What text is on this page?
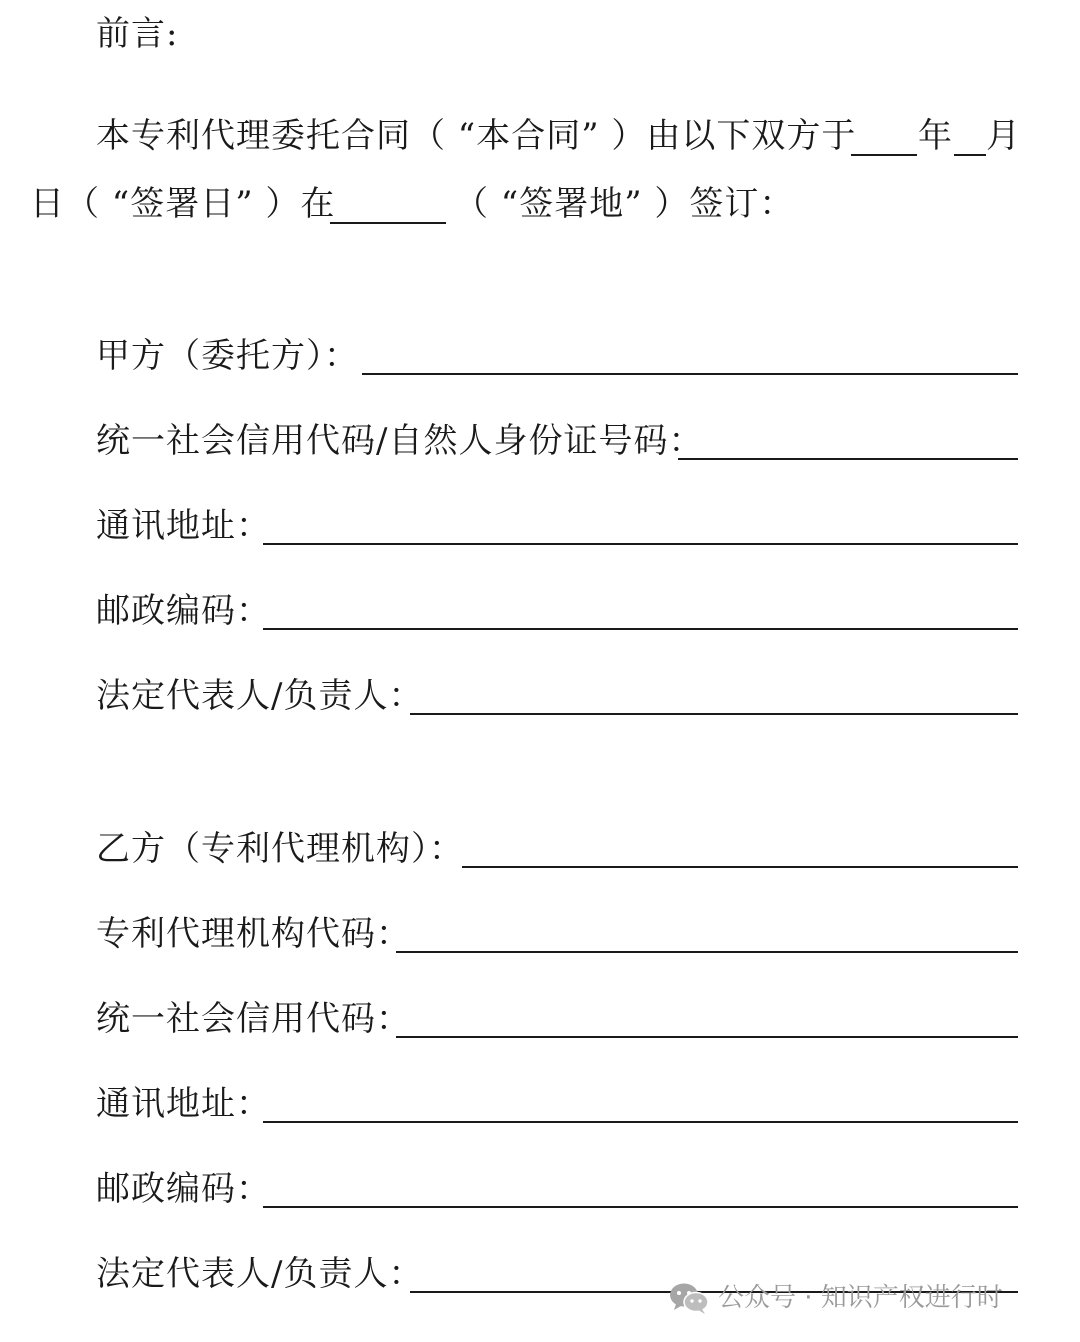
前言:
本专利代理委托合同（ “本合同” ）由以下双方于 年 月
日（ “签署日” ）在	（ “签署地” ）签订：
甲方（委托方）：
统一社会信用代码/自然人身份证号码：
通讯地址：
邮政编码：
法定代表人/负责人：
乙方（专利代理机构）：
专利代理机构代码：
统一社会信用代码：
通讯地址：
邮政编码：
法定代表人/负责人：
公众号 · 知识产权进行时
